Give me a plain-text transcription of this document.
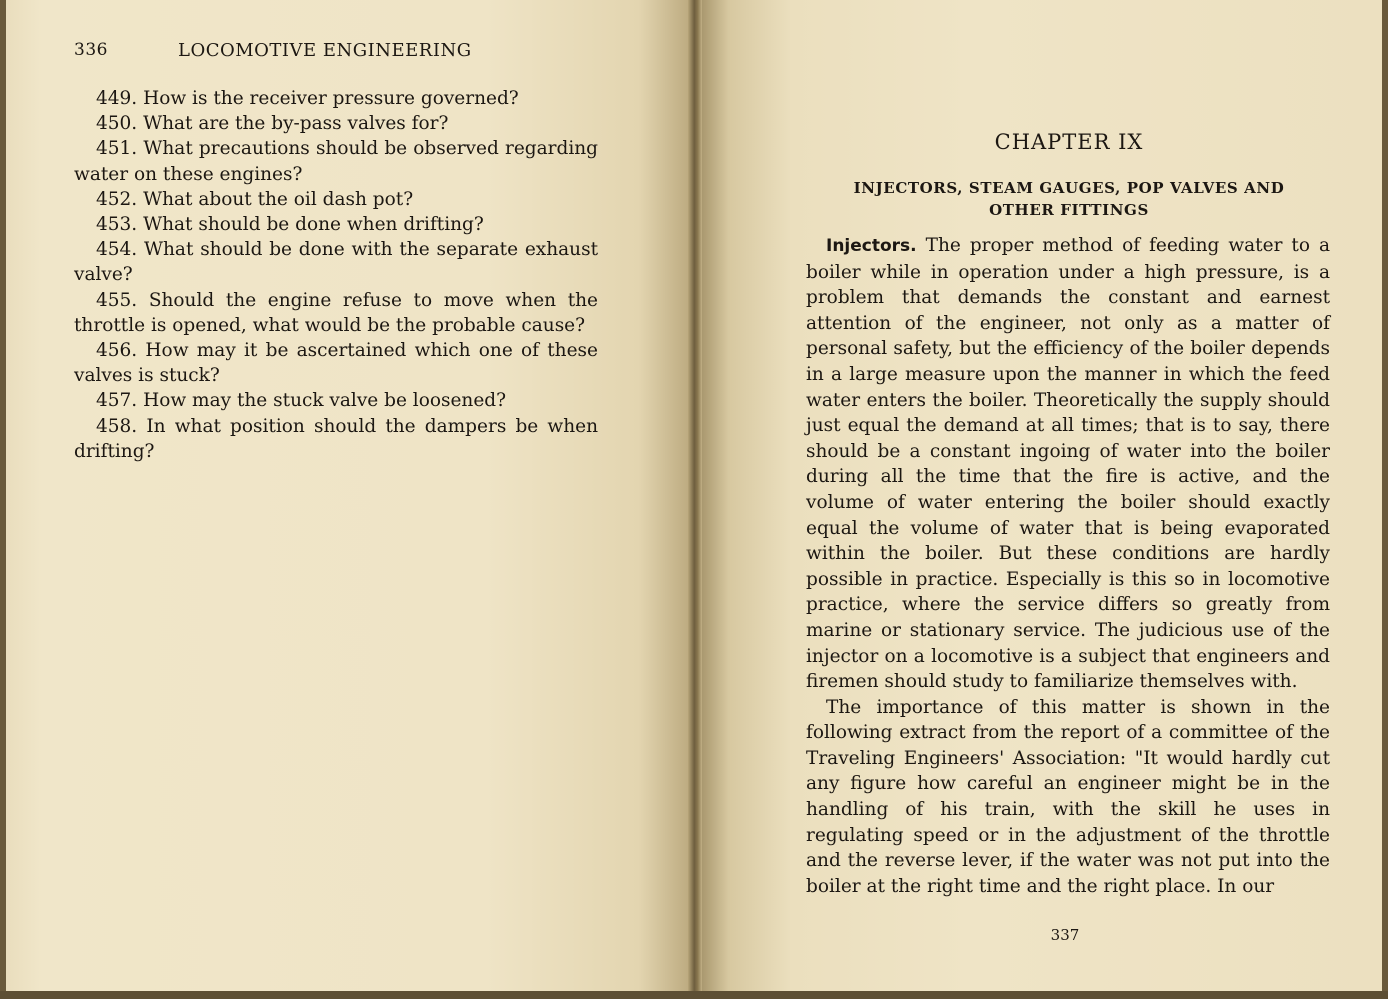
336	LOCOMOTIVE ENGINEERING

449. How is the receiver pressure governed?

450. What are the by-pass valves for?

451. What precautions should be observed regarding water on these engines?

452. What about the oil dash pot?

453. What should be done when drifting?

454. What should be done with the separate exhaust valve?

455. Should the engine refuse to move when the throttle is opened, what would be the probable cause?

456. How may it be ascertained which one of these valves is stuck?

457. How may the stuck valve be loosened?

458. In what position should the dampers be when drifting?

CHAPTER IX
INJECTORS, STEAM GAUGES, POP VALVES AND
OTHER FITTINGS

Injectors. The proper method of feeding water to a boiler while in operation under a high pressure, is a problem that demands the constant and earnest attention of the engineer, not only as a matter of personal safety, but the efficiency of the boiler depends in a large measure upon the manner in which the feed water enters the boiler. Theoretically the supply should just equal the demand at all times; that is to say, there should be a constant ingoing of water into the boiler during all the time that the fire is active, and the volume of water entering the boiler should exactly equal the volume of water that is being evaporated within the boiler. But these conditions are hardly possible in practice. Especially is this so in locomotive practice, where the service differs so greatly from marine or stationary service. The judicious use of the injector on a locomotive is a subject that engineers and firemen should study to familiarize themselves with.

The importance of this matter is shown in the following extract from the report of a committee of the Traveling Engineers' Association: "It would hardly cut any figure how careful an engineer might be in the handling of his train, with the skill he uses in regulating speed or in the adjustment of the throttle and the reverse lever, if the water was not put into the boiler at the right time and the right place. In our

337
